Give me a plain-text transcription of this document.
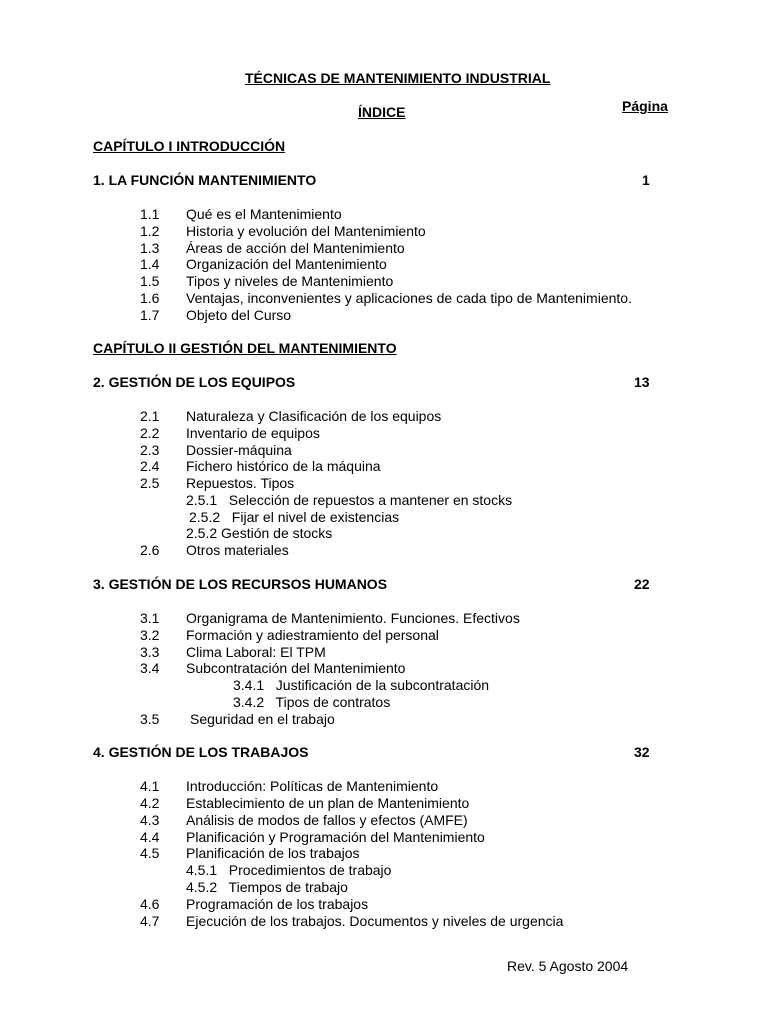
TÉCNICAS DE MANTENIMIENTO INDUSTRIAL
ÍNDICE	Página
CAPÍTULO I INTRODUCCIÓN
1. LA FUNCIÓN MANTENIMIENTO	1
1.1 Qué es el Mantenimiento
1.2 Historia y evolución del Mantenimiento
1.3 Áreas de acción del Mantenimiento
1.4 Organización del Mantenimiento
1.5 Tipos y niveles de Mantenimiento
1.6 Ventajas, inconvenientes y aplicaciones de cada tipo de Mantenimiento.
1.7 Objeto del Curso
CAPÍTULO II GESTIÓN DEL MANTENIMIENTO
2. GESTIÓN DE LOS EQUIPOS	13
2.1 Naturaleza y Clasificación de los equipos
2.2 Inventario de equipos
2.3 Dossier-máquina
2.4 Fichero histórico de la máquina
2.5 Repuestos. Tipos
2.5.1   Selección de repuestos a mantener en stocks
2.5.2   Fijar el nivel de existencias
2.5.2 Gestión de stocks
2.6 Otros materiales
3. GESTIÓN DE LOS RECURSOS HUMANOS	22
3.1 Organigrama de Mantenimiento. Funciones. Efectivos
3.2 Formación y adiestramiento del personal
3.3 Clima Laboral: El TPM
3.4 Subcontratación del Mantenimiento
3.4.1   Justificación de la subcontratación
3.4.2   Tipos de contratos
3.5 Seguridad en el trabajo
4. GESTIÓN DE LOS TRABAJOS	32
4.1 Introducción: Políticas de Mantenimiento
4.2 Establecimiento de un plan de Mantenimiento
4.3 Análisis de modos de fallos y efectos (AMFE)
4.4 Planificación y Programación del Mantenimiento
4.5 Planificación de los trabajos
4.5.1   Procedimientos de trabajo
4.5.2   Tiempos de trabajo
4.6 Programación de los trabajos
4.7 Ejecución de los trabajos. Documentos y niveles de urgencia
Rev. 5 Agosto 2004
